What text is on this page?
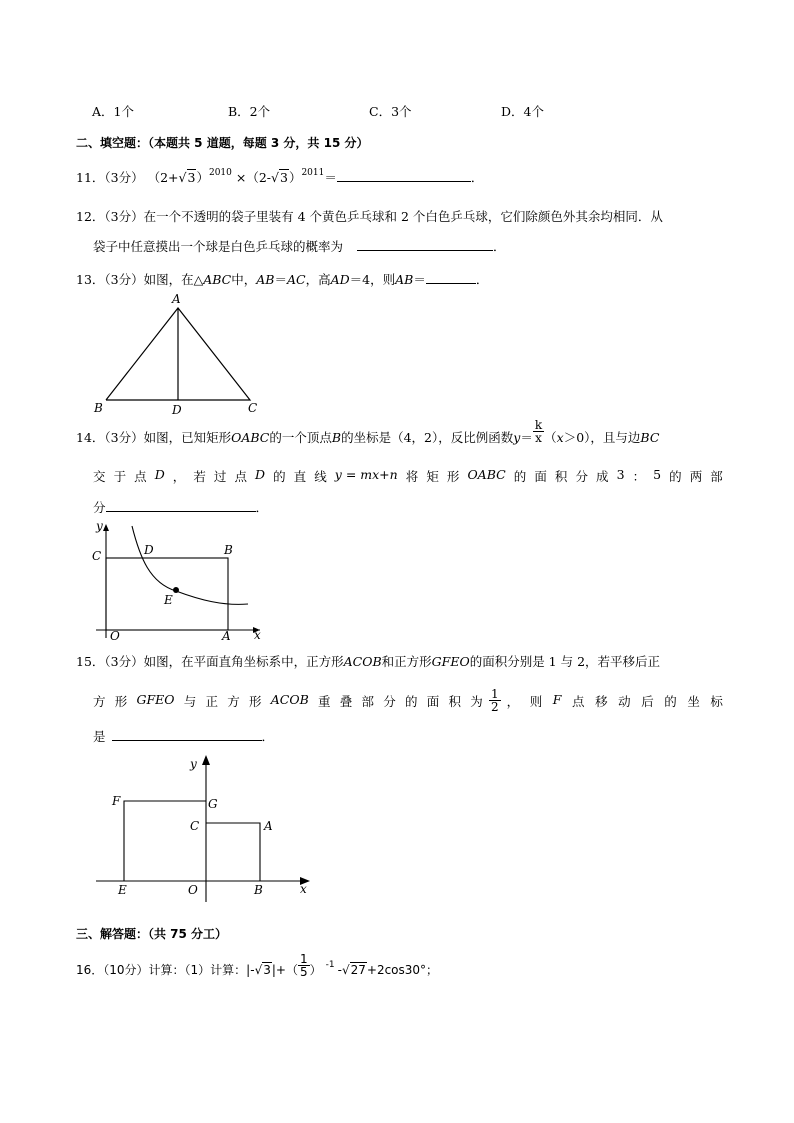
A．1个	B．2个	C．3个	D．4个
二、填空题：（本题共 5 道题，每题 3 分，共 15 分）
11．（3分） $(2+√3)^{2010} \times(2-√3)^{2011}=$	．
12．（3分）在一个不透明的袋子里装有 4 个黄色乒乓球和 2 个白色乒乓球，它们除颜色外其余均相同．从
袋子中任意摸出一个球是白色乒乓球的概率为	．
13．（3分）如图，在△ABC中，AB＝AC，高AD＝4，则AB＝	．
A
B	D	C
14．（3分）如图，已知矩形OABC的一个顶点B的坐标是（4，2），反比例函数$y= \frac{k}{x} (x>0)$，且与边BC
交 于 点 D ， 若 过 点 D 的 直 线 y = mx+n 将 矩 形 OABC 的 面 积 分 成 3 ： 5 的 两 部
分	．
y
x
C	D	B
E
O	A
15．（3分）如图，在平面直角坐标系中，正方形ACOB和正方形GFEO的面积分别是 1 与 2，若平移后正
方 形 GFEO 与 正 方 形 ACOB 重 叠 部 分 的 面 积 为 $\frac{1}{2}$ ， 则 F 点 移 动 后 的 坐 标
是	．
y
x
F	G
C	A
E	O	B
三、解答题：（共 75 分工）
16．（10分）计算：（1）计算：$|-√3|+( \frac{1}{5}$ ） $^{-1}$ -√27+2cos30°；
